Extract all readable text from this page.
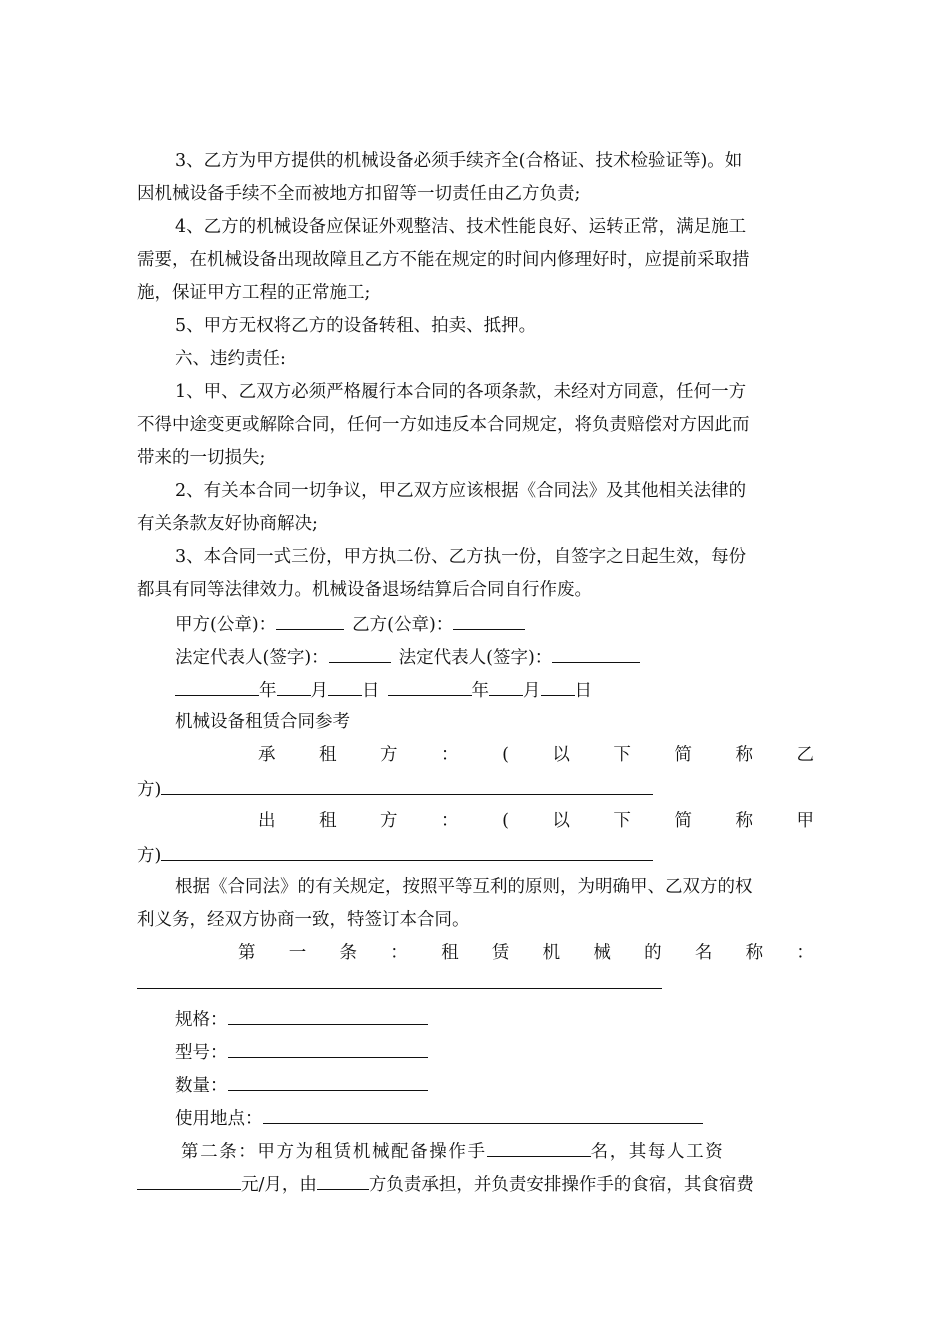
3、乙方为甲方提供的机械设备必须手续齐全(合格证、技术检验证等)。如
因机械设备手续不全而被地方扣留等一切责任由乙方负责;
4、乙方的机械设备应保证外观整洁、技术性能良好、运转正常，满足施工
需要，在机械设备出现故障且乙方不能在规定的时间内修理好时，应提前采取措
施，保证甲方工程的正常施工;
5、甲方无权将乙方的设备转租、拍卖、抵押。
六、违约责任:
1、甲、乙双方必须严格履行本合同的各项条款，未经对方同意，任何一方
不得中途变更或解除合同，任何一方如违反本合同规定，将负责赔偿对方因此而
带来的一切损失;
2、有关本合同一切争议，甲乙双方应该根据《合同法》及其他相关法律的
有关条款友好协商解决;
3、本合同一式三份，甲方执二份、乙方执一份，自签字之日起生效，每份
都具有同等法律效力。机械设备退场结算后合同自行作废。
甲方(公章)：	乙方(公章)：
法定代表人(签字)：	法定代表人(签字)：
年 月 日	年 月 日
机械设备租赁合同参考
承 租 方 ： ( 以 下 简 称 乙
方)
出 租 方 ： ( 以 下 简 称 甲
方)
根据《合同法》的有关规定，按照平等互利的原则，为明确甲、乙双方的权
利义务，经双方协商一致，特签订本合同。
第 一 条 ： 租 赁 机 械 的 名 称 ：
规格：
型号：
数量：
使用地点：
第二条：甲方为租赁机械配备操作手	名，其每人工资
元/月，由	方负责承担，并负责安排操作手的食宿，其食宿费
